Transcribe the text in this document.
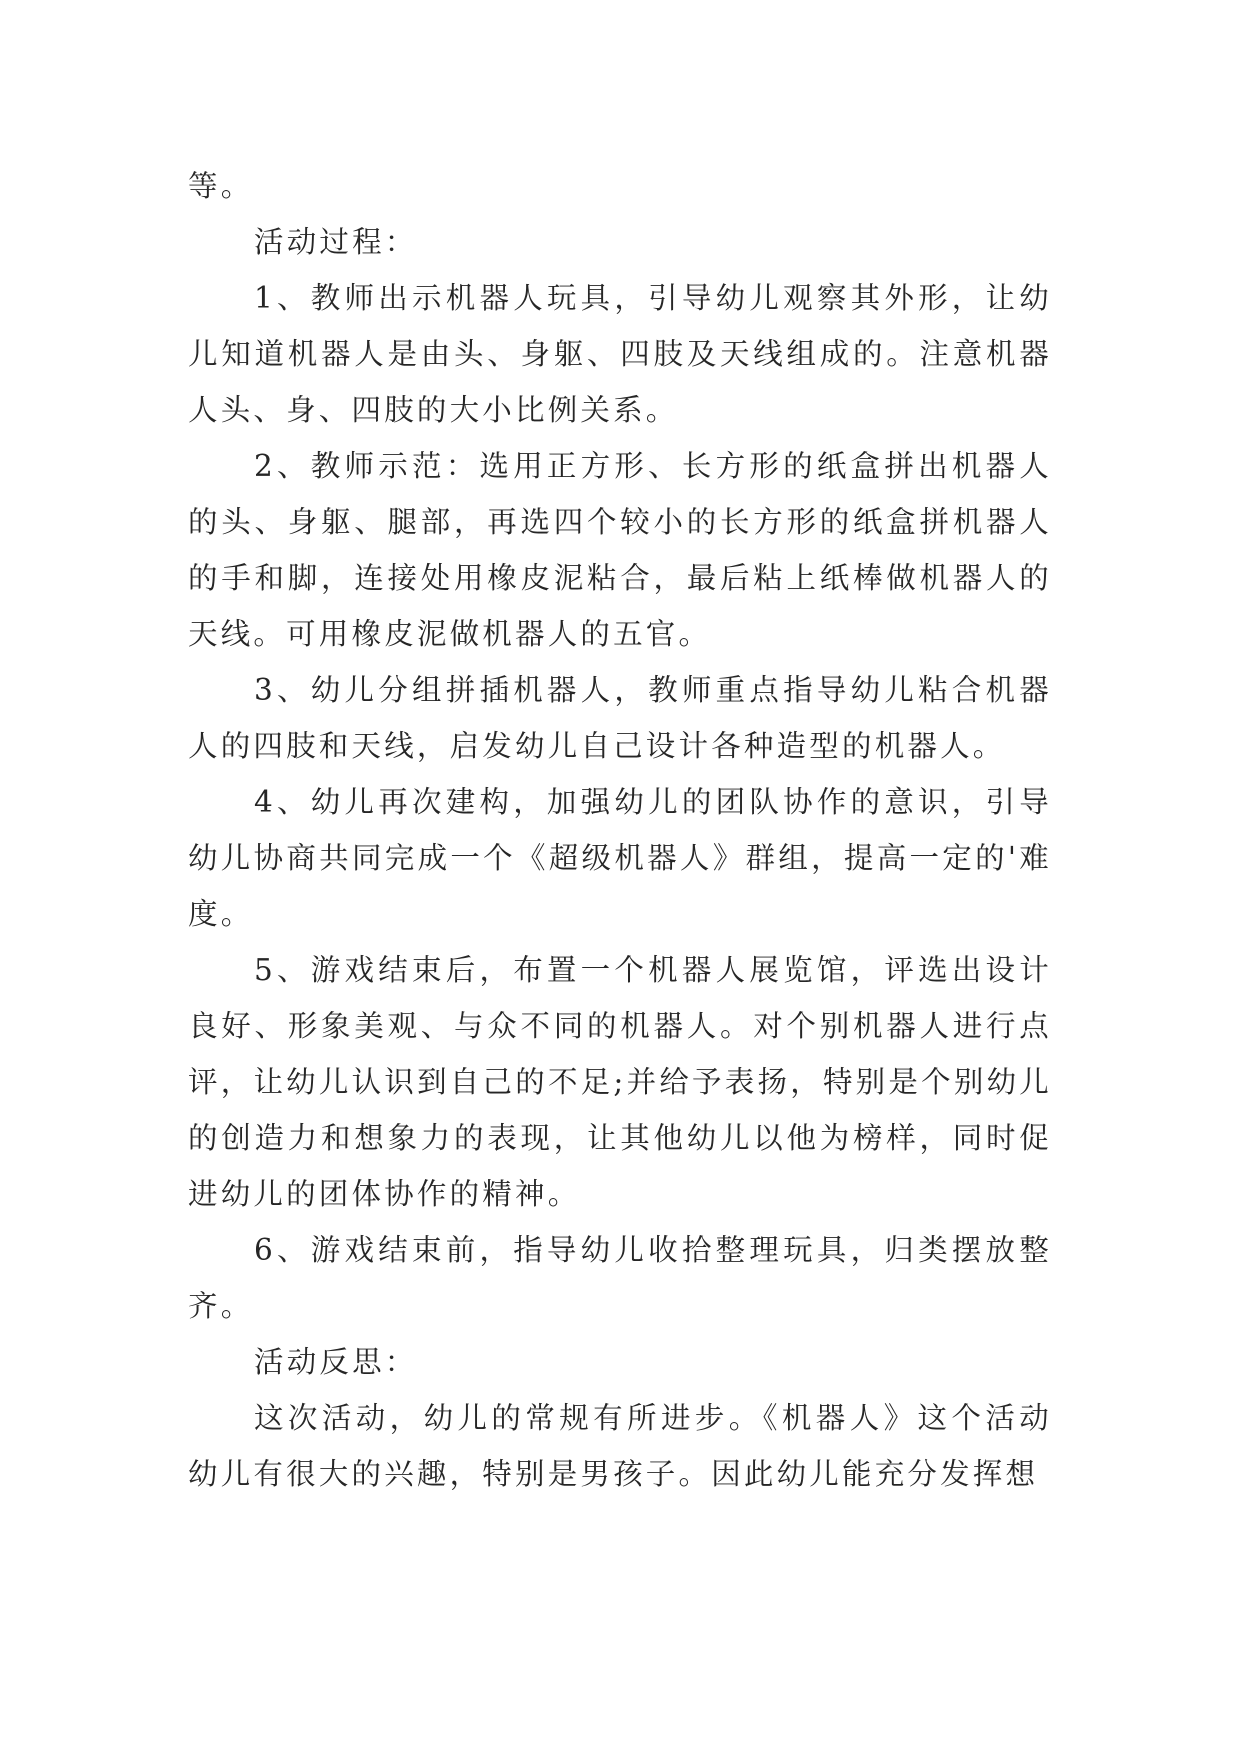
等。

活动过程：

1、教师出示机器人玩具，引导幼儿观察其外形，让幼儿知道机器人是由头、身躯、四肢及天线组成的。注意机器人头、身、四肢的大小比例关系。

2、教师示范：选用正方形、长方形的纸盒拼出机器人的头、身躯、腿部，再选四个较小的长方形的纸盒拼机器人的手和脚，连接处用橡皮泥粘合，最后粘上纸棒做机器人的天线。可用橡皮泥做机器人的五官。

3、幼儿分组拼插机器人，教师重点指导幼儿粘合机器人的四肢和天线，启发幼儿自己设计各种造型的机器人。

4、幼儿再次建构，加强幼儿的团队协作的意识，引导幼儿协商共同完成一个《超级机器人》群组，提高一定的'难度。

5、游戏结束后，布置一个机器人展览馆，评选出设计良好、形象美观、与众不同的机器人。对个别机器人进行点评，让幼儿认识到自己的不足;并给予表扬，特别是个别幼儿的创造力和想象力的表现，让其他幼儿以他为榜样，同时促进幼儿的团体协作的精神。

6、游戏结束前，指导幼儿收拾整理玩具，归类摆放整齐。

活动反思：

这次活动，幼儿的常规有所进步。《机器人》这个活动幼儿有很大的兴趣，特别是男孩子。因此幼儿能充分发挥想
